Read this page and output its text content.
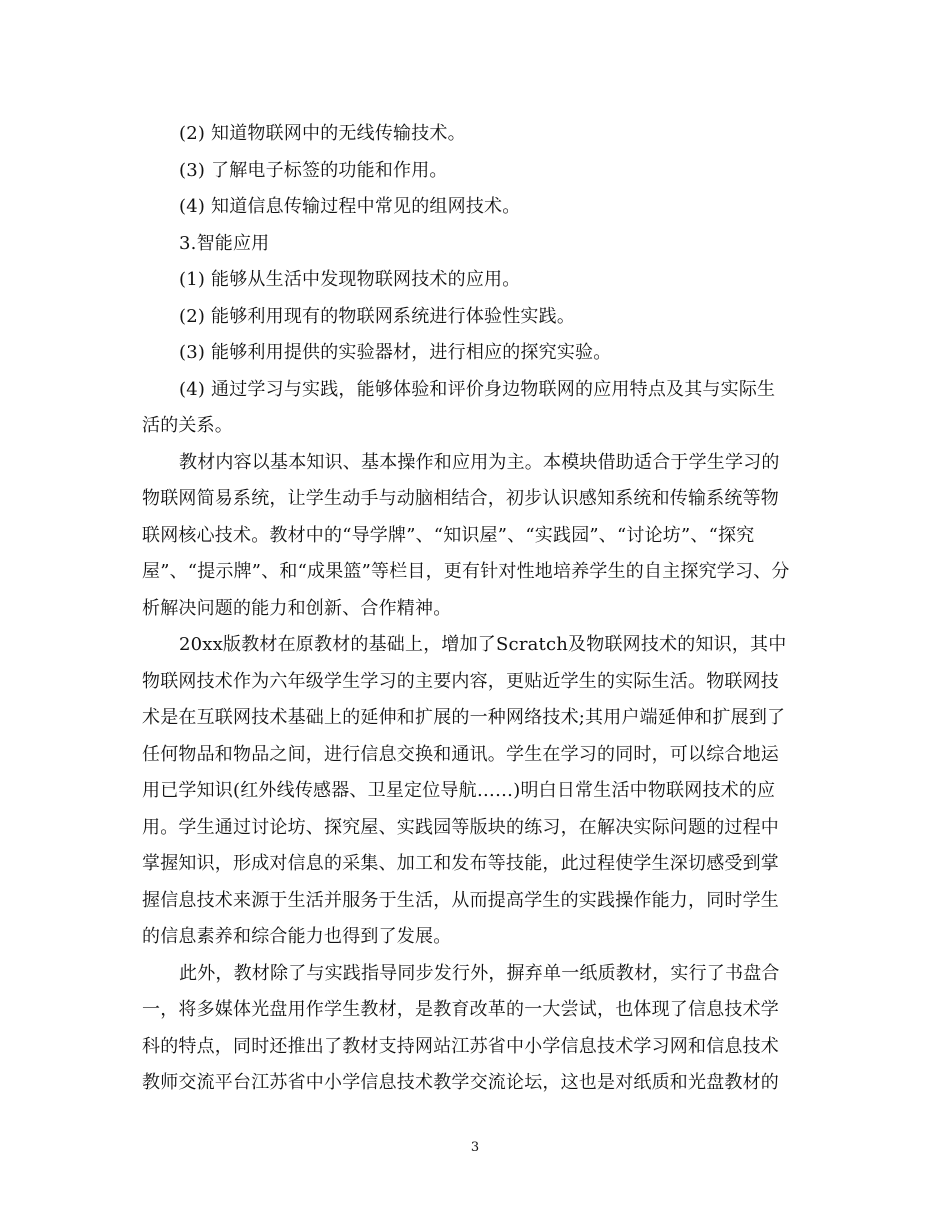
(2) 知道物联网中的无线传输技术。
(3) 了解电子标签的功能和作用。
(4) 知道信息传输过程中常见的组网技术。
3.智能应用
(1) 能够从生活中发现物联网技术的应用。
(2) 能够利用现有的物联网系统进行体验性实践。
(3) 能够利用提供的实验器材，进行相应的探究实验。
(4) 通过学习与实践，能够体验和评价身边物联网的应用特点及其与实际生
活的关系。
教材内容以基本知识、基本操作和应用为主。本模块借助适合于学生学习的
物联网简易系统，让学生动手与动脑相结合，初步认识感知系统和传输系统等物
联网核心技术。教材中的“导学牌”、“知识屋”、“实践园”、“讨论坊”、“探究
屋”、“提示牌”、和“成果篮”等栏目，更有针对性地培养学生的自主探究学习、分
析解决问题的能力和创新、合作精神。
20xx版教材在原教材的基础上，增加了Scratch及物联网技术的知识，其中
物联网技术作为六年级学生学习的主要内容，更贴近学生的实际生活。物联网技
术是在互联网技术基础上的延伸和扩展的一种网络技术;其用户端延伸和扩展到了
任何物品和物品之间，进行信息交换和通讯。学生在学习的同时，可以综合地运
用已学知识(红外线传感器、卫星定位导航……)明白日常生活中物联网技术的应
用。学生通过讨论坊、探究屋、实践园等版块的练习，在解决实际问题的过程中
掌握知识，形成对信息的采集、加工和发布等技能，此过程使学生深切感受到掌
握信息技术来源于生活并服务于生活，从而提高学生的实践操作能力，同时学生
的信息素养和综合能力也得到了发展。
此外，教材除了与实践指导同步发行外，摒弃单一纸质教材，实行了书盘合
一，将多媒体光盘用作学生教材，是教育改革的一大尝试，也体现了信息技术学
科的特点，同时还推出了教材支持网站江苏省中小学信息技术学习网和信息技术
教师交流平台江苏省中小学信息技术教学交流论坛，这也是对纸质和光盘教材的
3
